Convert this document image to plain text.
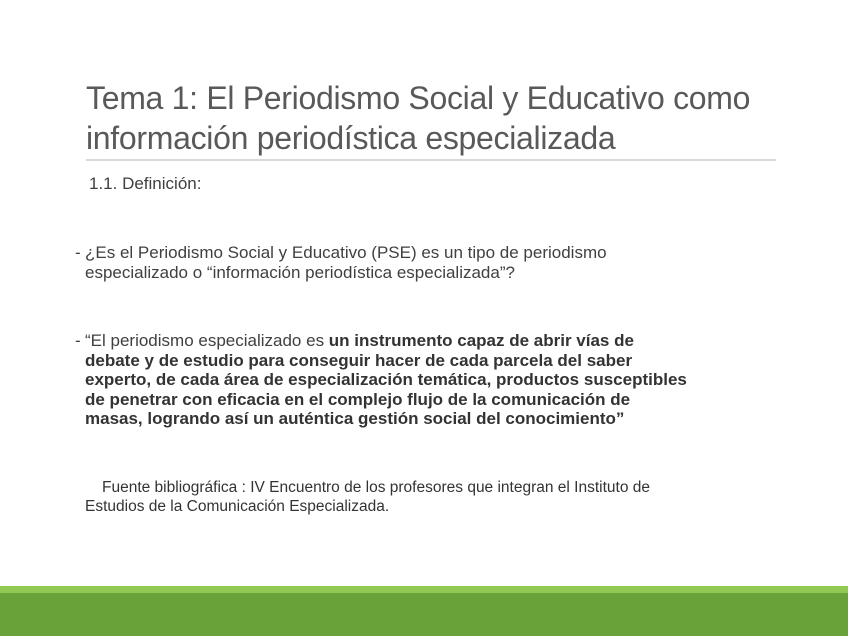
Tema 1: El Periodismo Social y Educativo como
información periodística especializada
1.1. Definición:
- ¿Es el Periodismo Social y Educativo (PSE) es un tipo de periodismo
especializado o “información periodística especializada”?
- “El periodismo especializado es un instrumento capaz de abrir vías de
debate y de estudio para conseguir hacer de cada parcela del saber
experto, de cada área de especialización temática, productos susceptibles
de penetrar con eficacia en el complejo flujo de la comunicación de
masas, logrando así un auténtica gestión social del conocimiento”
Fuente bibliográfica : IV Encuentro de los profesores que integran el Instituto de
Estudios de la Comunicación Especializada.
